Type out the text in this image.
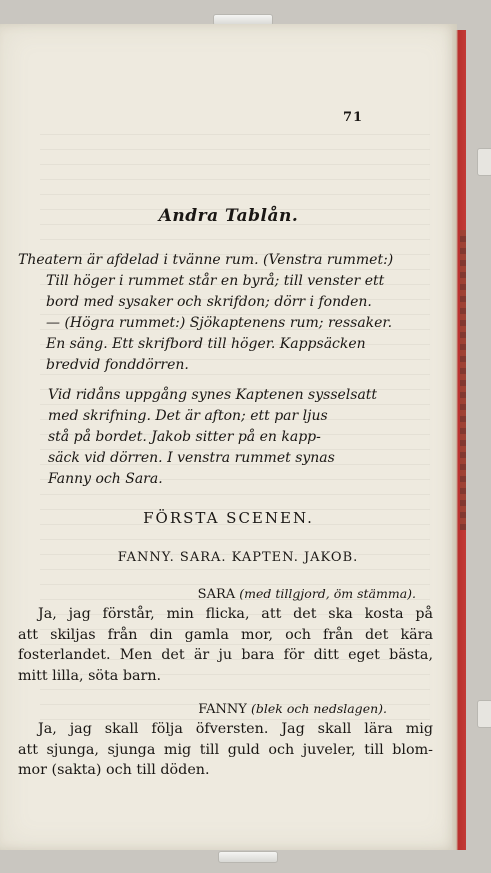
71
Andra Tablån.
Theatern är afdelad i tvänne rum. (Venstra rummet:)
Till höger i rummet står en byrå; till venster ett
bord med sysaker och skrifdon; dörr i fonden.
— (Högra rummet:) Sjökaptenens rum; ressaker.
En säng. Ett skrifbord till höger. Kappsäcken
bredvid fonddörren.
Vid ridåns uppgång synes Kaptenen sysselsatt
med skrifning. Det är afton; ett par ljus
stå på bordet. Jakob sitter på en kapp-
säck vid dörren. I venstra rummet synas
Fanny och Sara.
FÖRSTA SCENEN.
FANNY. SARA. KAPTEN. JAKOB.
SARA (med tillgjord, öm stämma).
Ja, jag förstår, min flicka, att det ska kosta på
att skiljas från din gamla mor, och från det kära
fosterlandet. Men det är ju bara för ditt eget bästa,
mitt lilla, söta barn.
FANNY (blek och nedslagen).
Ja, jag skall följa öfversten. Jag skall lära mig
att sjunga, sjunga mig till guld och juveler, till blom-
mor (sakta) och till döden.
